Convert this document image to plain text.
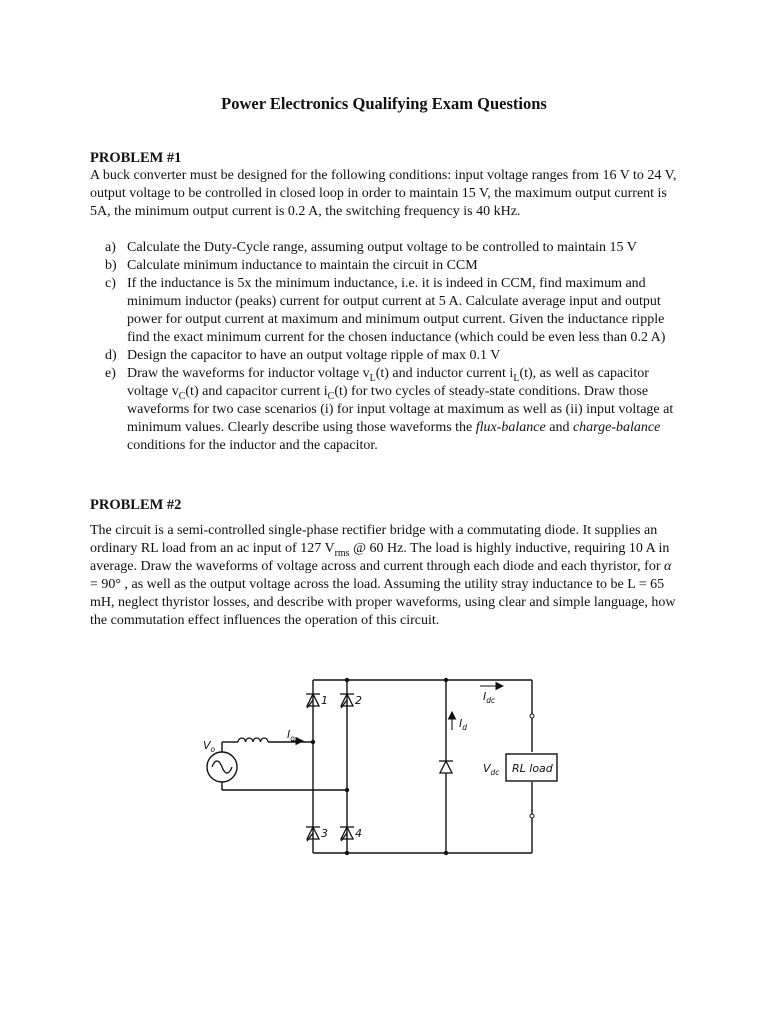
Power Electronics Qualifying Exam Questions
PROBLEM #1
A buck converter must be designed for the following conditions: input voltage ranges from 16 V to 24 V, output voltage to be controlled in closed loop in order to maintain 15 V, the maximum output current is 5A, the minimum output current is 0.2 A, the switching frequency is 40 kHz.
a) Calculate the Duty-Cycle range, assuming output voltage to be controlled to maintain 15 V
b) Calculate minimum inductance to maintain the circuit in CCM
c) If the inductance is 5x the minimum inductance, i.e. it is indeed in CCM, find maximum and minimum inductor (peaks) current for output current at 5 A. Calculate average input and output power for output current at maximum and minimum output current. Given the inductance ripple find the exact minimum current for the chosen inductance (which could be even less than 0.2 A)
d) Design the capacitor to have an output voltage ripple of max 0.1 V
e) Draw the waveforms for inductor voltage $v_L(t)$ and inductor current $i_L(t)$, as well as capacitor voltage $v_C(t)$ and capacitor current $i_C(t)$ for two cycles of steady-state conditions. Draw those waveforms for two case scenarios (i) for input voltage at maximum as well as (ii) input voltage at minimum values. Clearly describe using those waveforms the flux-balance and charge-balance conditions for the inductor and the capacitor.
PROBLEM #2
The circuit is a semi-controlled single-phase rectifier bridge with a commutating diode. It supplies an ordinary RL load from an ac input of 127 $V_{rms}$ @ 60 Hz. The load is highly inductive, requiring 10 A in average. Draw the waveforms of voltage across and current through each diode and each thyristor, for α = 90° , as well as the output voltage across the load. Assuming the utility stray inductance to be L = 65 mH, neglect thyristor losses, and describe with proper waveforms, using clear and simple language, how the commutation effect influences the operation of this circuit.
$V_o$
$I_o$
$I_d$
$I_{dc}$
$V_{dc}$ RL load
1 2
3 4
